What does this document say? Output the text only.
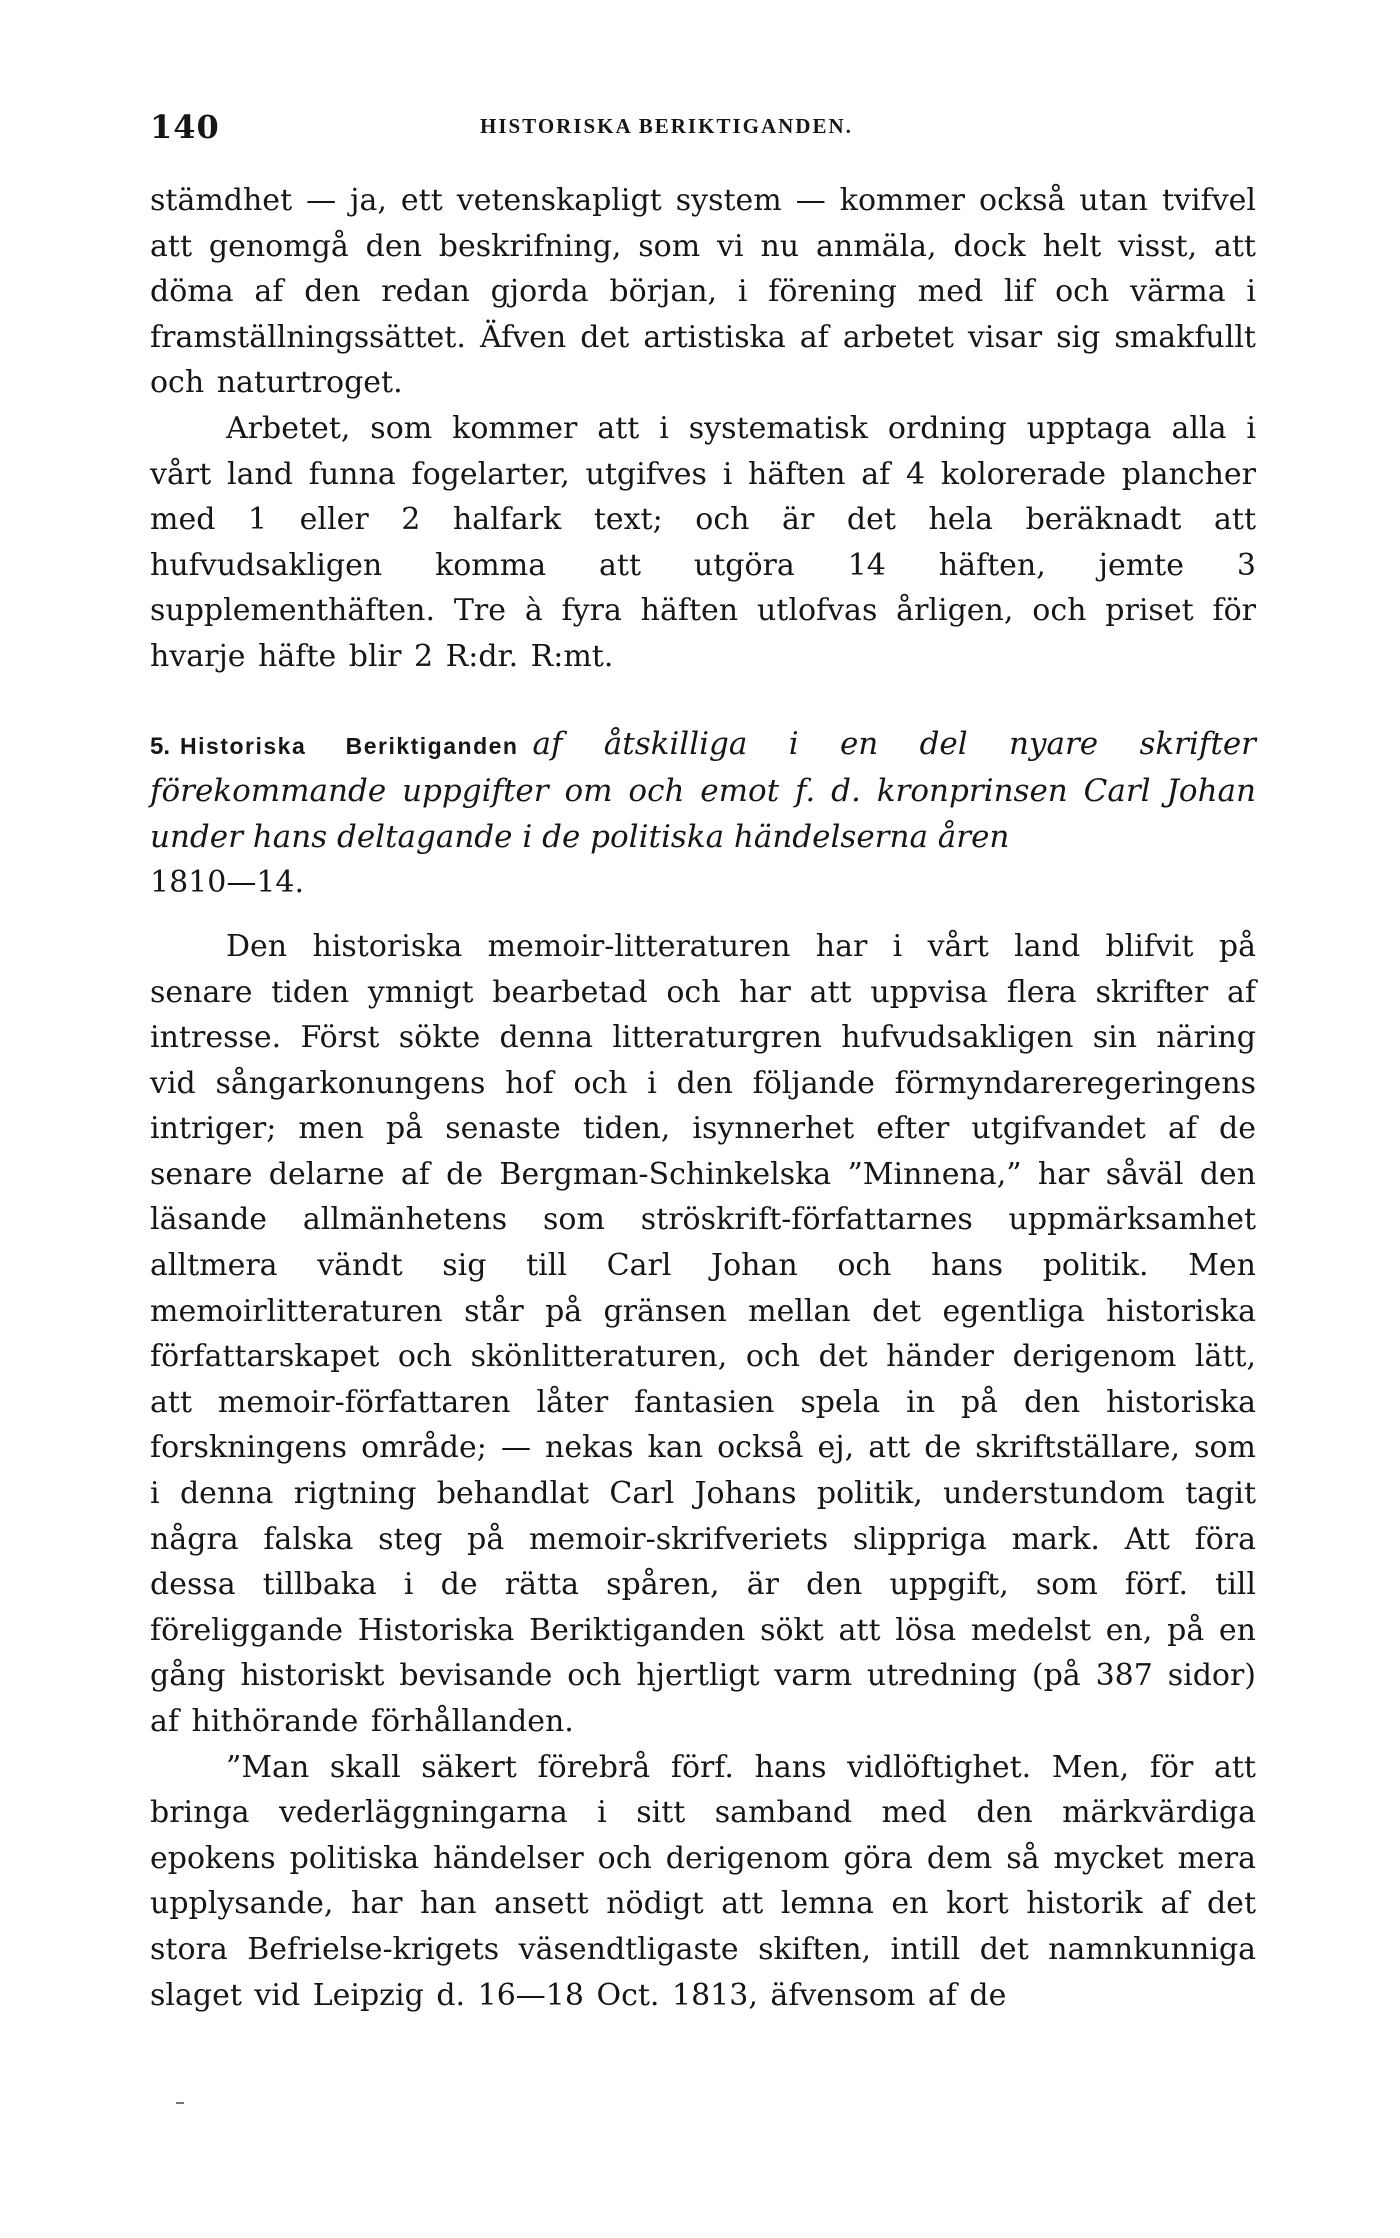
140	HISTORISKA BERIKTIGANDEN.

stämdhet — ja, ett vetenskapligt system — kommer också utan tvifvel att genomgå den beskrifning, som vi nu anmäla, dock helt visst, att döma af den redan gjorda början, i förening med lif och värma i framställningssättet. Äfven det artistiska af arbetet visar sig smakfullt och naturtroget.

Arbetet, som kommer att i systematisk ordning upptaga alla i vårt land funna fogelarter, utgifves i häften af 4 kolorerade plancher med 1 eller 2 halfark text; och är det hela beräknadt att hufvudsakligen komma att utgöra 14 häften, jemte 3 supplementhäften. Tre à fyra häften utlofvas årligen, och priset för hvarje häfte blir 2 R:dr. R:mt.

5. Historiska Beriktiganden af åtskilliga i en del nyare skrifter förekommande uppgifter om och emot f. d. kronprinsen Carl Johan under hans deltagande i de politiska händelserna åren
1810—14.

Den historiska memoir-litteraturen har i vårt land blifvit på senare tiden ymnigt bearbetad och har att uppvisa flera skrifter af intresse. Först sökte denna litteraturgren hufvudsakligen sin näring vid sångarkonungens hof och i den följande förmyndareregeringens intriger; men på senaste tiden, isynnerhet efter utgifvandet af de senare delarne af de Bergman-Schinkelska ”Minnena,” har såväl den läsande allmänhetens som ströskrift-författarnes uppmärksamhet alltmera vändt sig till Carl Johan och hans politik. Men memoirlitteraturen står på gränsen mellan det egentliga historiska författarskapet och skönlitteraturen, och det händer derigenom lätt, att memoir-författaren låter fantasien spela in på den historiska forskningens område; — nekas kan också ej, att de skriftställare, som i denna rigtning behandlat Carl Johans politik, understundom tagit några falska steg på memoir-skrifveriets slippriga mark. Att föra dessa tillbaka i de rätta spåren, är den uppgift, som förf. till föreliggande Historiska Beriktiganden sökt att lösa medelst en, på en gång historiskt bevisande och hjertligt varm utredning (på 387 sidor) af hithörande förhållanden.

”Man skall säkert förebrå förf. hans vidlöftighet. Men, för att bringa vederläggningarna i sitt samband med den märkvärdiga epokens politiska händelser och derigenom göra dem så mycket mera upplysande, har han ansett nödigt att lemna en kort historik af det stora Befrielse-krigets väsendtligaste skiften, intill det namnkunniga slaget vid Leipzig d. 16—18 Oct. 1813, äfvensom af de
